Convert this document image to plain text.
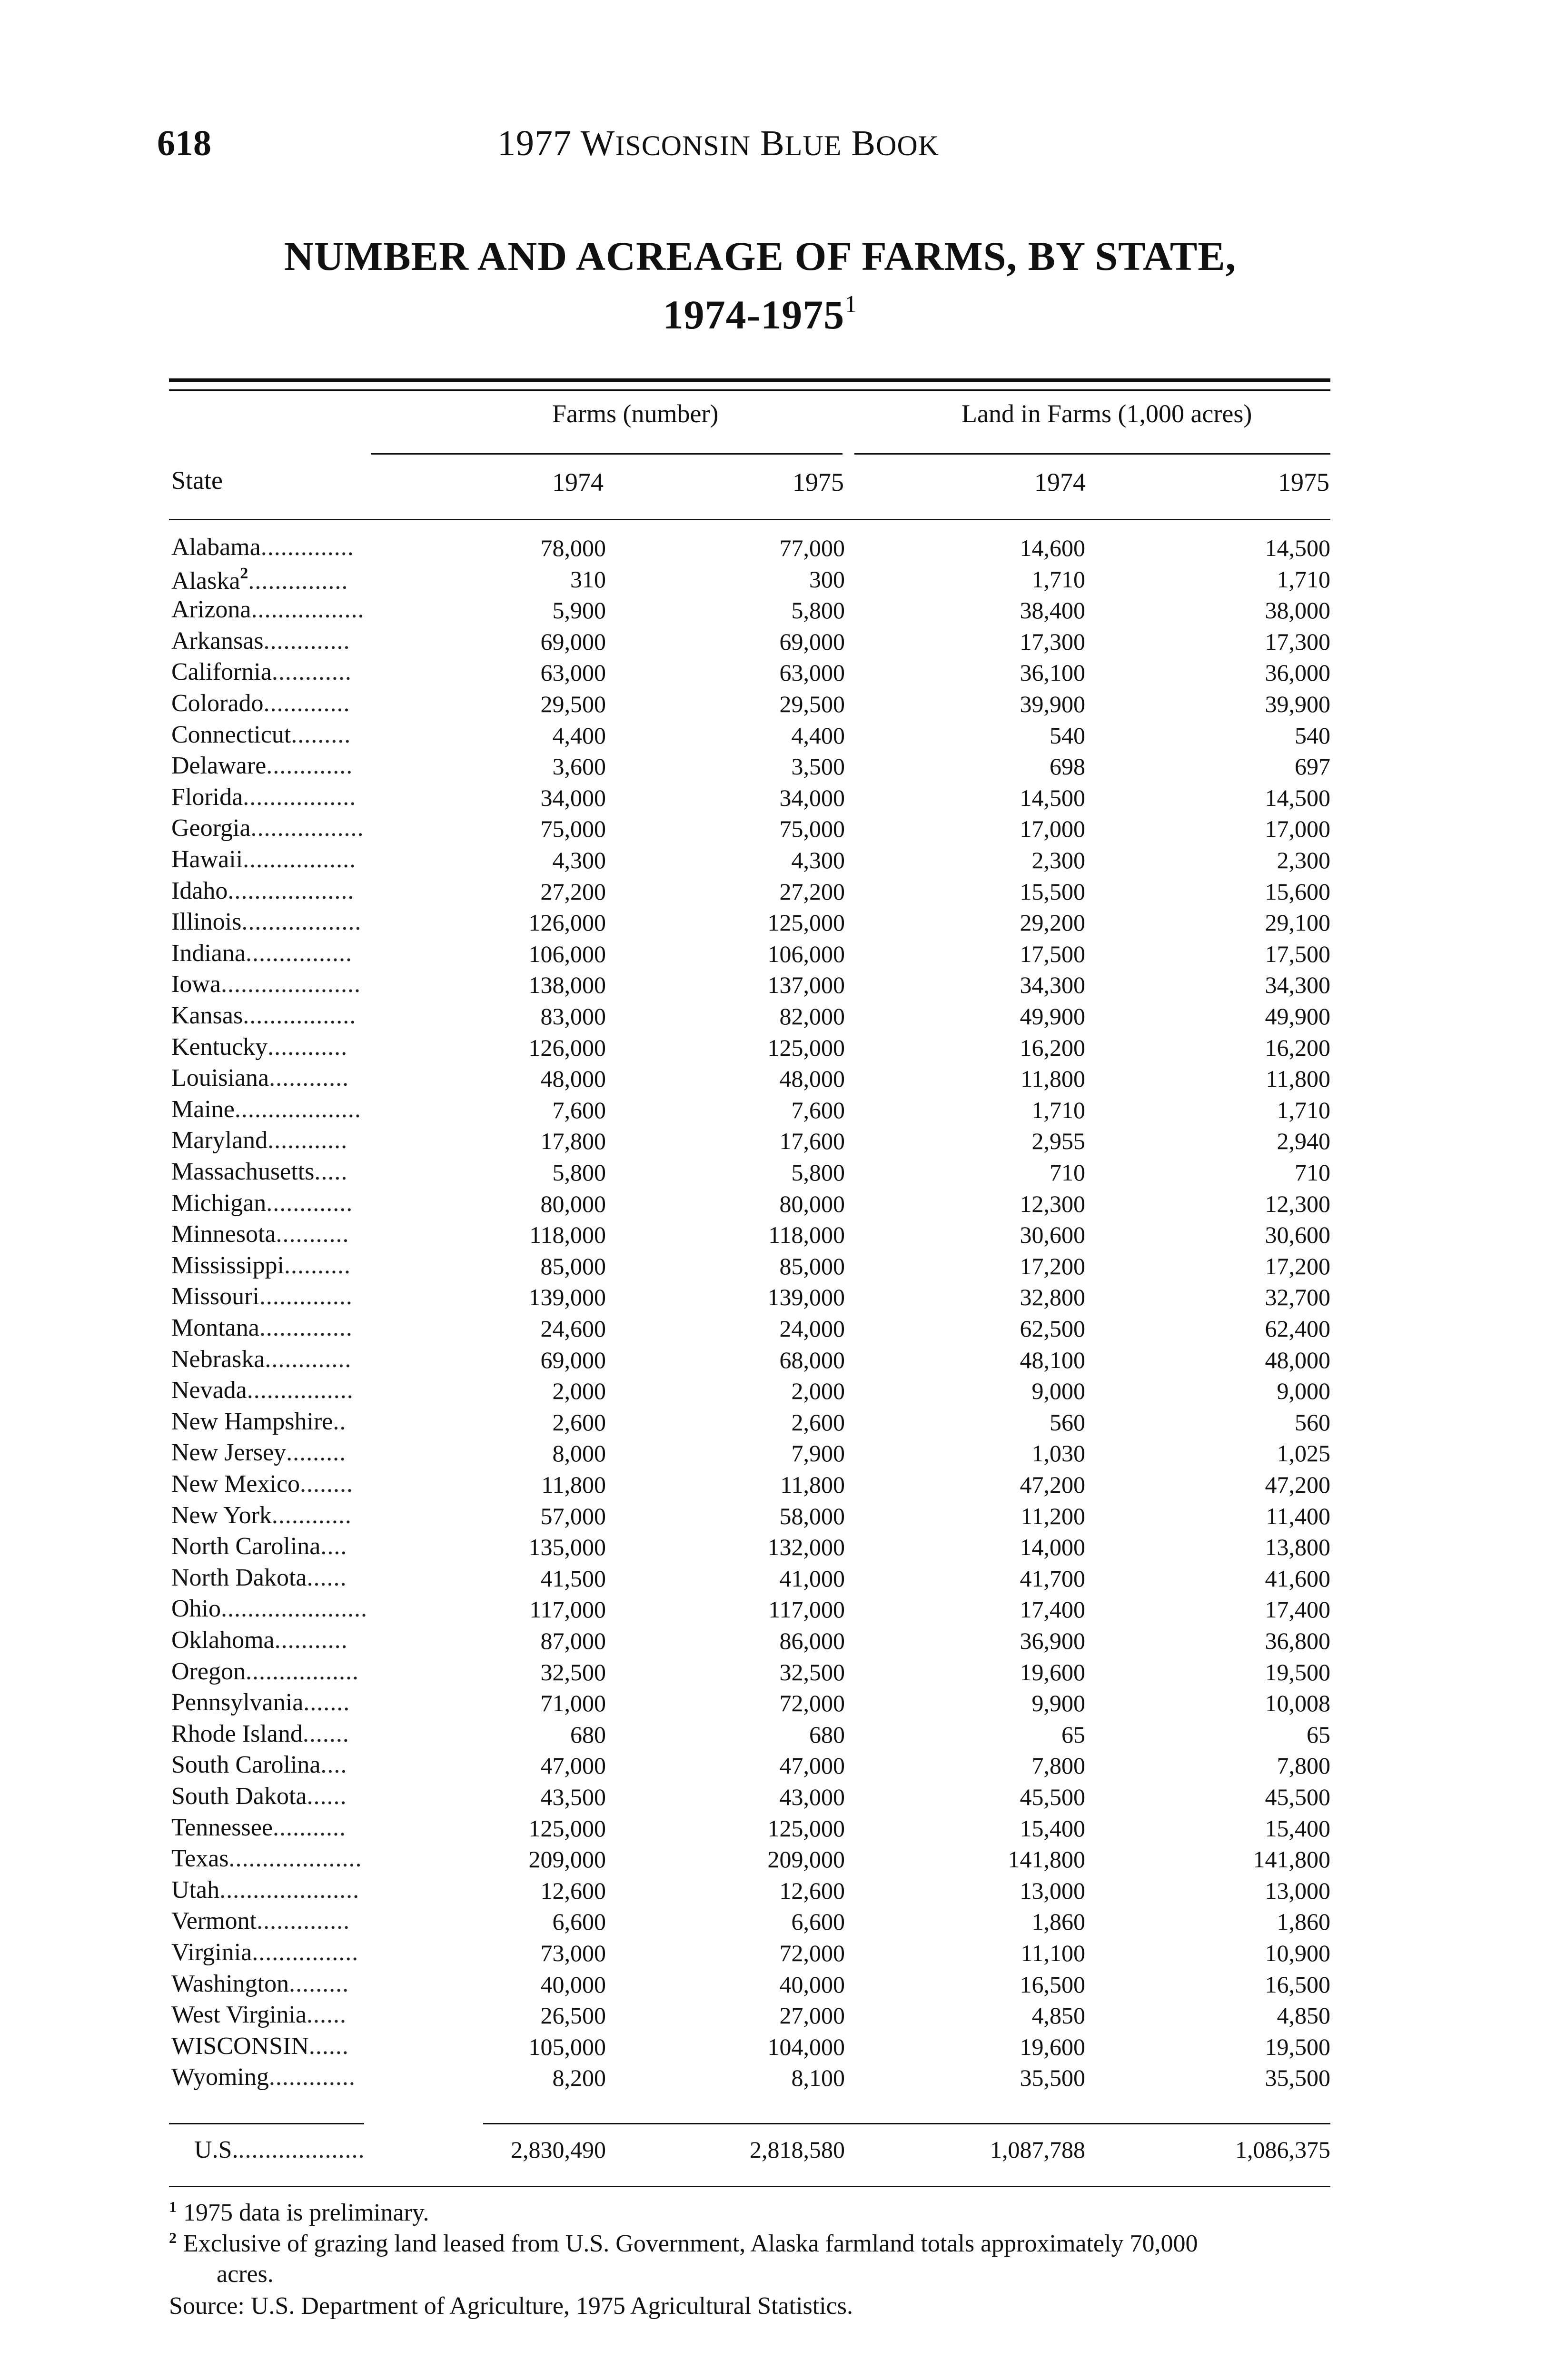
618	1977 WISCONSIN BLUE BOOK
NUMBER AND ACREAGE OF FARMS, BY STATE,
1974-1975$^1$
Farms (number)	Land in Farms (1,000 acres)
State	1974	1975	1974	1975
Alabama..............	78,000	77,000	14,600	14,500
Alaska$^2$...............	310	300	1,710	1,710
Arizona.................	5,900	5,800	38,400	38,000
Arkansas.............	69,000	69,000	17,300	17,300
California............	63,000	63,000	36,100	36,000
Colorado.............	29,500	29,500	39,900	39,900
Connecticut.........	4,400	4,400	540	540
Delaware.............	3,600	3,500	698	697
Florida.................	34,000	34,000	14,500	14,500
Georgia.................	75,000	75,000	17,000	17,000
Hawaii.................	4,300	4,300	2,300	2,300
Idaho...................	27,200	27,200	15,500	15,600
Illinois..................	126,000	125,000	29,200	29,100
Indiana................	106,000	106,000	17,500	17,500
Iowa.....................	138,000	137,000	34,300	34,300
Kansas.................	83,000	82,000	49,900	49,900
Kentucky............	126,000	125,000	16,200	16,200
Louisiana............	48,000	48,000	11,800	11,800
Maine...................	7,600	7,600	1,710	1,710
Maryland............	17,800	17,600	2,955	2,940
Massachusetts.....	5,800	5,800	710	710
Michigan.............	80,000	80,000	12,300	12,300
Minnesota...........	118,000	118,000	30,600	30,600
Mississippi..........	85,000	85,000	17,200	17,200
Missouri..............	139,000	139,000	32,800	32,700
Montana..............	24,600	24,000	62,500	62,400
Nebraska.............	69,000	68,000	48,100	48,000
Nevada................	2,000	2,000	9,000	9,000
New Hampshire..	2,600	2,600	560	560
New Jersey.........	8,000	7,900	1,030	1,025
New Mexico........	11,800	11,800	47,200	47,200
New York............	57,000	58,000	11,200	11,400
North Carolina....	135,000	132,000	14,000	13,800
North Dakota......	41,500	41,000	41,700	41,600
Ohio......................	117,000	117,000	17,400	17,400
Oklahoma...........	87,000	86,000	36,900	36,800
Oregon.................	32,500	32,500	19,600	19,500
Pennsylvania.......	71,000	72,000	9,900	10,008
Rhode Island.......	680	680	65	65
South Carolina....	47,000	47,000	7,800	7,800
South Dakota......	43,500	43,000	45,500	45,500
Tennessee...........	125,000	125,000	15,400	15,400
Texas....................	209,000	209,000	141,800	141,800
Utah.....................	12,600	12,600	13,000	13,000
Vermont..............	6,600	6,600	1,860	1,860
Virginia................	73,000	72,000	11,100	10,900
Washington.........	40,000	40,000	16,500	16,500
West Virginia......	26,500	27,000	4,850	4,850
WISCONSIN......	105,000	104,000	19,600	19,500
Wyoming.............	8,200	8,100	35,500	35,500
U.S....................	2,830,490	2,818,580	1,087,788	1,086,375
$^1$ 1975 data is preliminary.
$^2$ Exclusive of grazing land leased from U.S. Government, Alaska farmland totals approximately 70,000
acres.
Source: U.S. Department of Agriculture, 1975 Agricultural Statistics.
